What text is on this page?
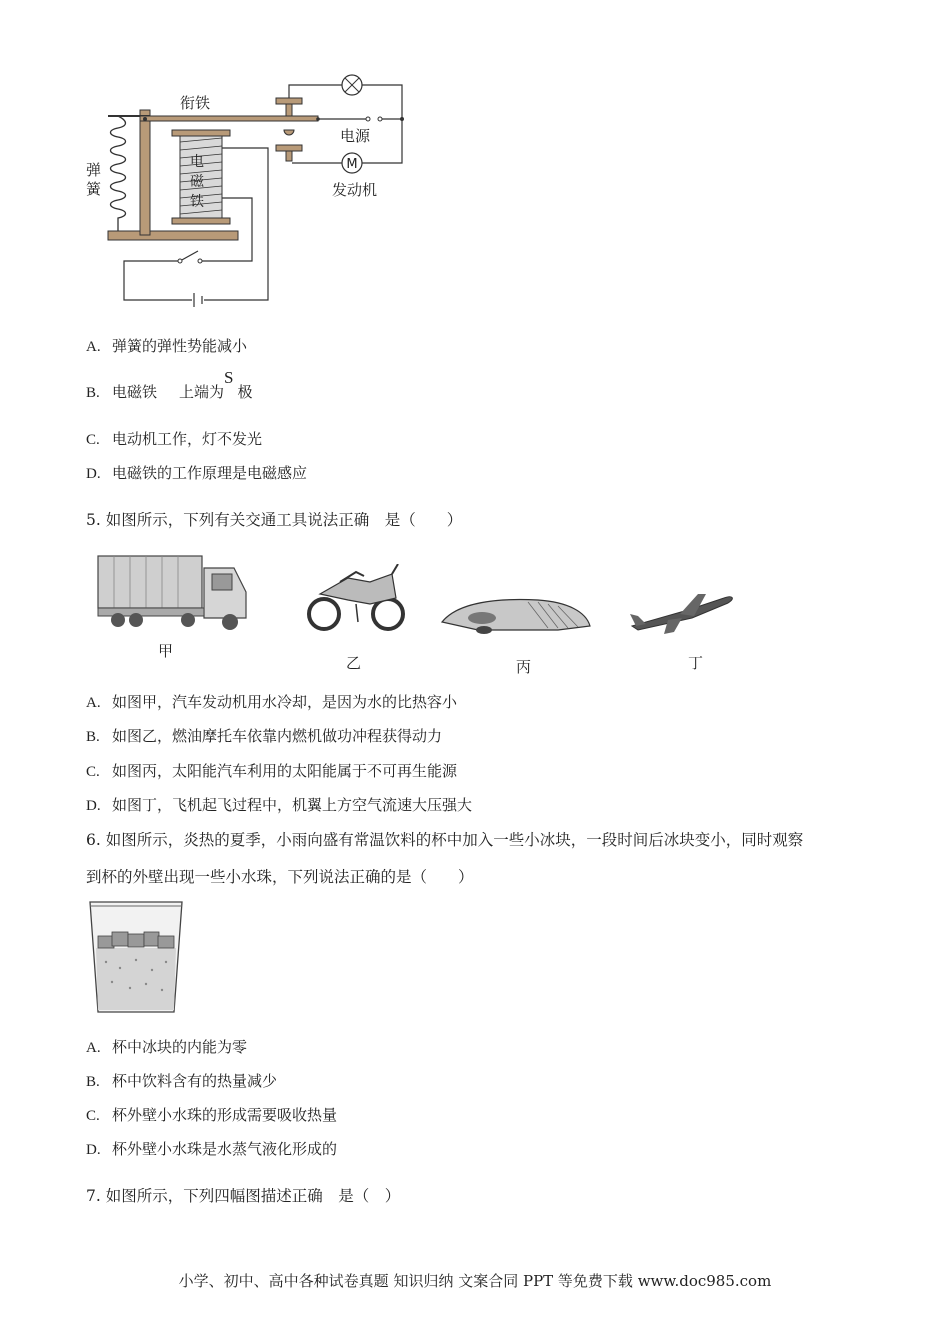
M
衔铁
电源
发动机
弹
簧
电
磁
铁
A. 弹簧的弹性势能减小
B. 电磁铁 上端为S极
C. 电动机工作，灯不发光
D. 电磁铁的工作原理是电磁感应
5. 如图所示，下列有关交通工具说法正确　是（　　）
甲
乙	丙	丁
A. 如图甲，汽车发动机用水冷却，是因为水的比热容小
B. 如图乙，燃油摩托车依靠内燃机做功冲程获得动力
C. 如图丙，太阳能汽车利用的太阳能属于不可再生能源
D. 如图丁，飞机起飞过程中，机翼上方空气流速大压强大
6. 如图所示，炎热的夏季，小雨向盛有常温饮料的杯中加入一些小冰块，一段时间后冰块变小，同时观察
到杯的外壁出现一些小水珠，下列说法正确的是（　　）
A. 杯中冰块的内能为零
B. 杯中饮料含有的热量减少
C. 杯外壁小水珠的形成需要吸收热量
D. 杯外壁小水珠是水蒸气液化形成的
7. 如图所示，下列四幅图描述正确　是（　）
小学、初中、高中各种试卷真题 知识归纳 文案合同 PPT 等免费下载 www.doc985.com
